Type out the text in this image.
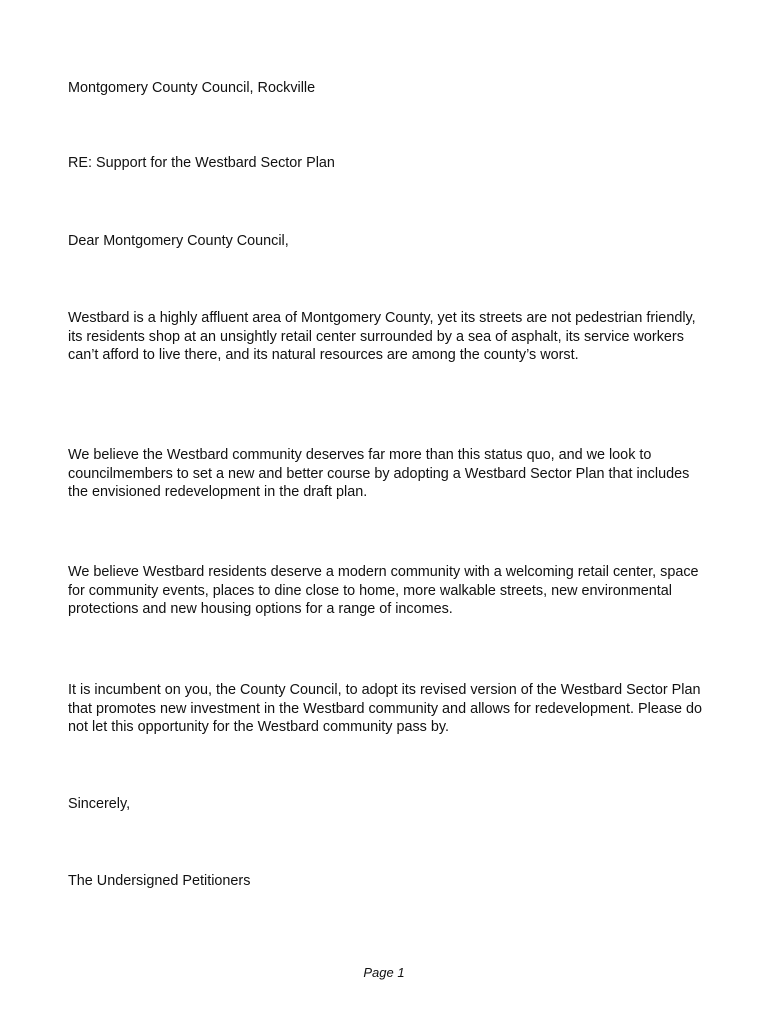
Montgomery County Council, Rockville

RE: Support for the Westbard Sector Plan

Dear Montgomery County Council,

Westbard is a highly affluent area of Montgomery County, yet its streets are not pedestrian friendly, its residents shop at an unsightly retail center surrounded by a sea of asphalt, its service workers can’t afford to live there, and its natural resources are among the county’s worst.

We believe the Westbard community deserves far more than this status quo, and we look to councilmembers to set a new and better course by adopting a Westbard Sector Plan that includes the envisioned redevelopment in the draft plan.

We believe Westbard residents deserve a modern community with a welcoming retail center, space for community events, places to dine close to home, more walkable streets, new environmental protections and new housing options for a range of incomes.

It is incumbent on you, the County Council, to adopt its revised version of the Westbard Sector Plan that promotes new investment in the Westbard community and allows for redevelopment. Please do not let this opportunity for the Westbard community pass by.

Sincerely,

The Undersigned Petitioners

Page 1
